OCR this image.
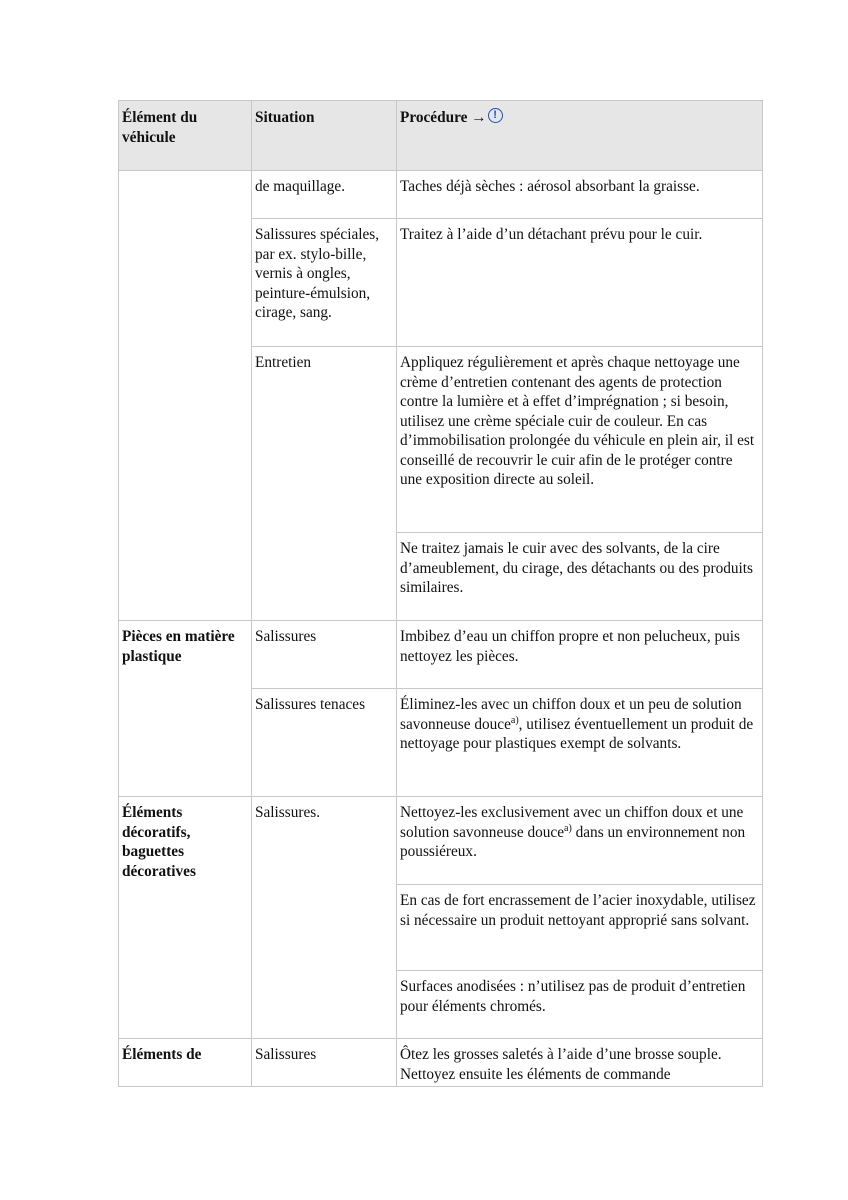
Élément du véhicule	Situation	Procédure → !
	de maquillage.	Taches déjà sèches : aérosol absorbant la graisse.
	Salissures spéciales, par ex. stylo-bille, vernis à ongles, peinture-émulsion, cirage, sang.	Traitez à l’aide d’un détachant prévu pour le cuir.
	Entretien	Appliquez régulièrement et après chaque nettoyage une crème d’entretien contenant des agents de protection contre la lumière et à effet d’imprégnation ; si besoin, utilisez une crème spéciale cuir de couleur. En cas d’immobilisation prolongée du véhicule en plein air, il est conseillé de recouvrir le cuir afin de le protéger contre une exposition directe au soleil.
		Ne traitez jamais le cuir avec des solvants, de la cire d’ameublement, du cirage, des détachants ou des produits similaires.
Pièces en matière plastique	Salissures	Imbibez d’eau un chiffon propre et non pelucheux, puis nettoyez les pièces.
	Salissures tenaces	Éliminez-les avec un chiffon doux et un peu de solution savonneuse douce$^{a)}$, utilisez éventuellement un produit de nettoyage pour plastiques exempt de solvants.
Éléments décoratifs, baguettes décoratives	Salissures.	Nettoyez-les exclusivement avec un chiffon doux et une solution savonneuse douce$^{a)}$ dans un environnement non poussiéreux.
		En cas de fort encrassement de l’acier inoxydable, utilisez si nécessaire un produit nettoyant approprié sans solvant.
		Surfaces anodisées : n’utilisez pas de produit d’entretien pour éléments chromés.
Éléments de	Salissures	Ôtez les grosses saletés à l’aide d’une brosse souple. Nettoyez ensuite les éléments de commande
